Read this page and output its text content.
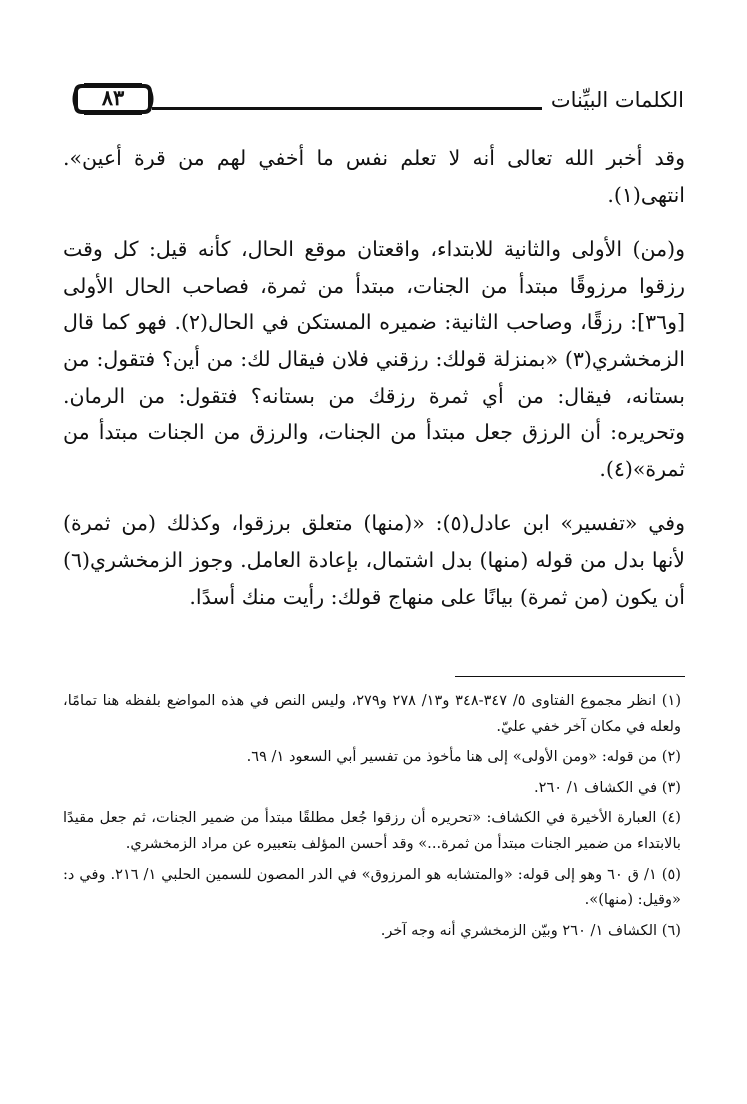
الكلمات البيِّنات
٨٣

وقد أخبر الله تعالى أنه لا تعلم نفس ما أخفي لهم من قرة أعين». انتهى(١).

و(من) الأولى والثانية للابتداء، واقعتان موقع الحال، كأنه قيل: كل وقت رزقوا مرزوقًا مبتدأ من الجنات، مبتدأ من ثمرة، فصاحب الحال الأولى [و٣٦]: رزقًا، وصاحب الثانية: ضميره المستكن في الحال(٢). فهو كما قال الزمخشري(٣) «بمنزلة قولك: رزقني فلان فيقال لك: من أين؟ فتقول: من بستانه، فيقال: من أي ثمرة رزقك من بستانه؟ فتقول: من الرمان. وتحريره: أن الرزق جعل مبتدأ من الجنات، والرزق من الجنات مبتدأ من ثمرة»(٤).

وفي «تفسير» ابن عادل(٥): «(منها) متعلق برزقوا، وكذلك (من ثمرة) لأنها بدل من قوله (منها) بدل اشتمال، بإعادة العامل. وجوز الزمخشري(٦) أن يكون (من ثمرة) بيانًا على منهاج قولك: رأيت منك أسدًا.

(١) انظر مجموع الفتاوى ٥/ ٣٤٧-٣٤٨ و١٣/ ٢٧٨ و٢٧٩، وليس النص في هذه المواضع بلفظه هنا تمامًا، ولعله في مكان آخر خفي عليّ.

(٢) من قوله: «ومن الأولى» إلى هنا مأخوذ من تفسير أبي السعود ١/ ٦٩.

(٣) في الكشاف ١/ ٢٦٠.

(٤) العبارة الأخيرة في الكشاف: «تحريره أن رزقوا جُعل مطلقًا مبتدأ من ضمير الجنات، ثم جعل مقيدًا بالابتداء من ضمير الجنات مبتدأ من ثمرة...» وقد أحسن المؤلف بتعبيره عن مراد الزمخشري.

(٥) ١/ ق ٦٠ وهو إلى قوله: «والمتشابه هو المرزوق» في الدر المصون للسمين الحلبي ١/ ٢١٦. وفي د: «وقيل: (منها)».

(٦) الكشاف ١/ ٢٦٠ وبيّن الزمخشري أنه وجه آخر.
